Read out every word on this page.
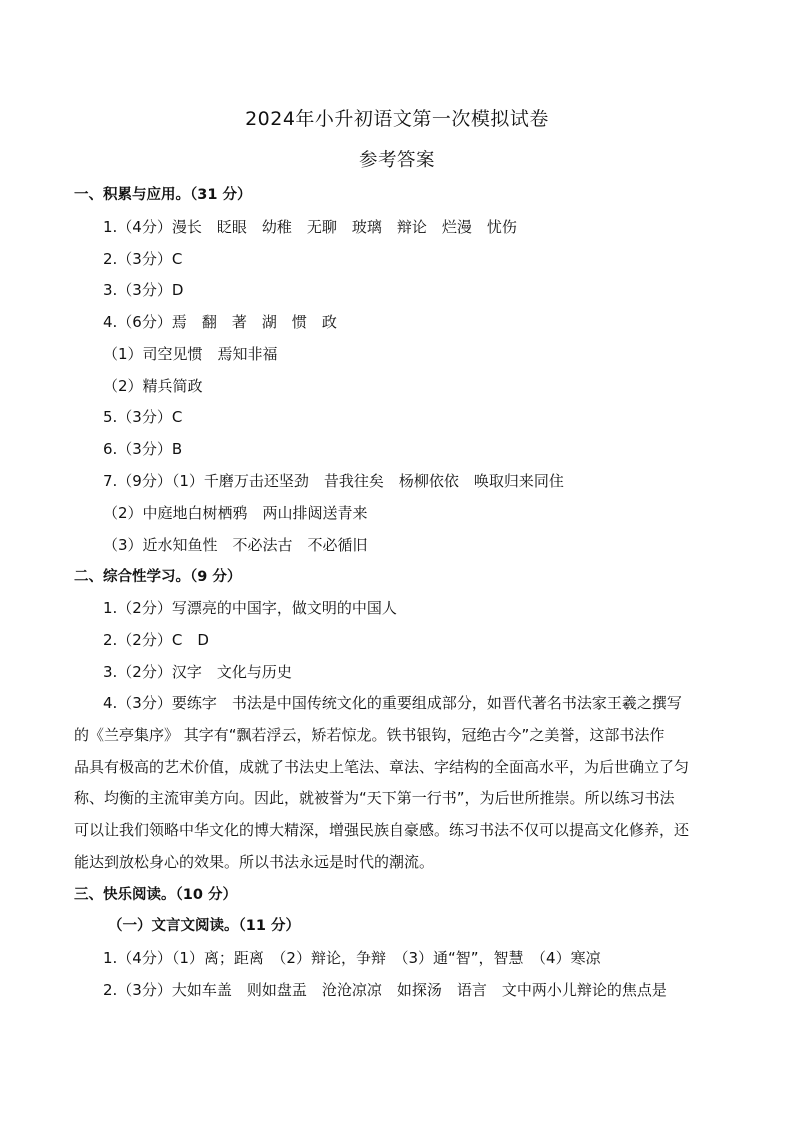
2024年小升初语文第一次模拟试卷
参考答案
一、积累与应用。（31 分）
1.（4分）漫长　眨眼　幼稚　无聊　玻璃　辩论　烂漫　忧伤
2.（3分）C
3.（3分）D
4.（6分）焉　翻　著　湖　惯　政
（1）司空见惯　焉知非福
（2）精兵简政
5.（3分）C
6.（3分）B
7.（9分）（1）千磨万击还坚劲　昔我往矣　杨柳依依　唤取归来同住
（2）中庭地白树栖鸦　两山排闼送青来
（3）近水知鱼性　不必法古　不必循旧
二、综合性学习。（9 分）
1.（2分）写漂亮的中国字，做文明的中国人
2.（2分）C　D
3.（2分）汉字　文化与历史
4.（3分）要练字　书法是中国传统文化的重要组成部分，如晋代著名书法家王羲之撰写
的《兰亭集序》 其字有“飘若浮云，矫若惊龙。铁书银钩，冠绝古今”之美誉，这部书法作
品具有极高的艺术价值，成就了书法史上笔法、章法、字结构的全面高水平，为后世确立了匀
称、均衡的主流审美方向。因此，就被誉为“天下第一行书”，为后世所推崇。所以练习书法
可以让我们领略中华文化的博大精深，增强民族自豪感。练习书法不仅可以提高文化修养，还
能达到放松身心的效果。所以书法永远是时代的潮流。
三、快乐阅读。（10 分）
（一）文言文阅读。（11 分）
1.（4分）（1）离；距离　（2）辩论，争辩　（3）通“智”，智慧　（4）寒凉
2.（3分）大如车盖　则如盘盂　沧沧凉凉　如探汤　语言　文中两小儿辩论的焦点是
